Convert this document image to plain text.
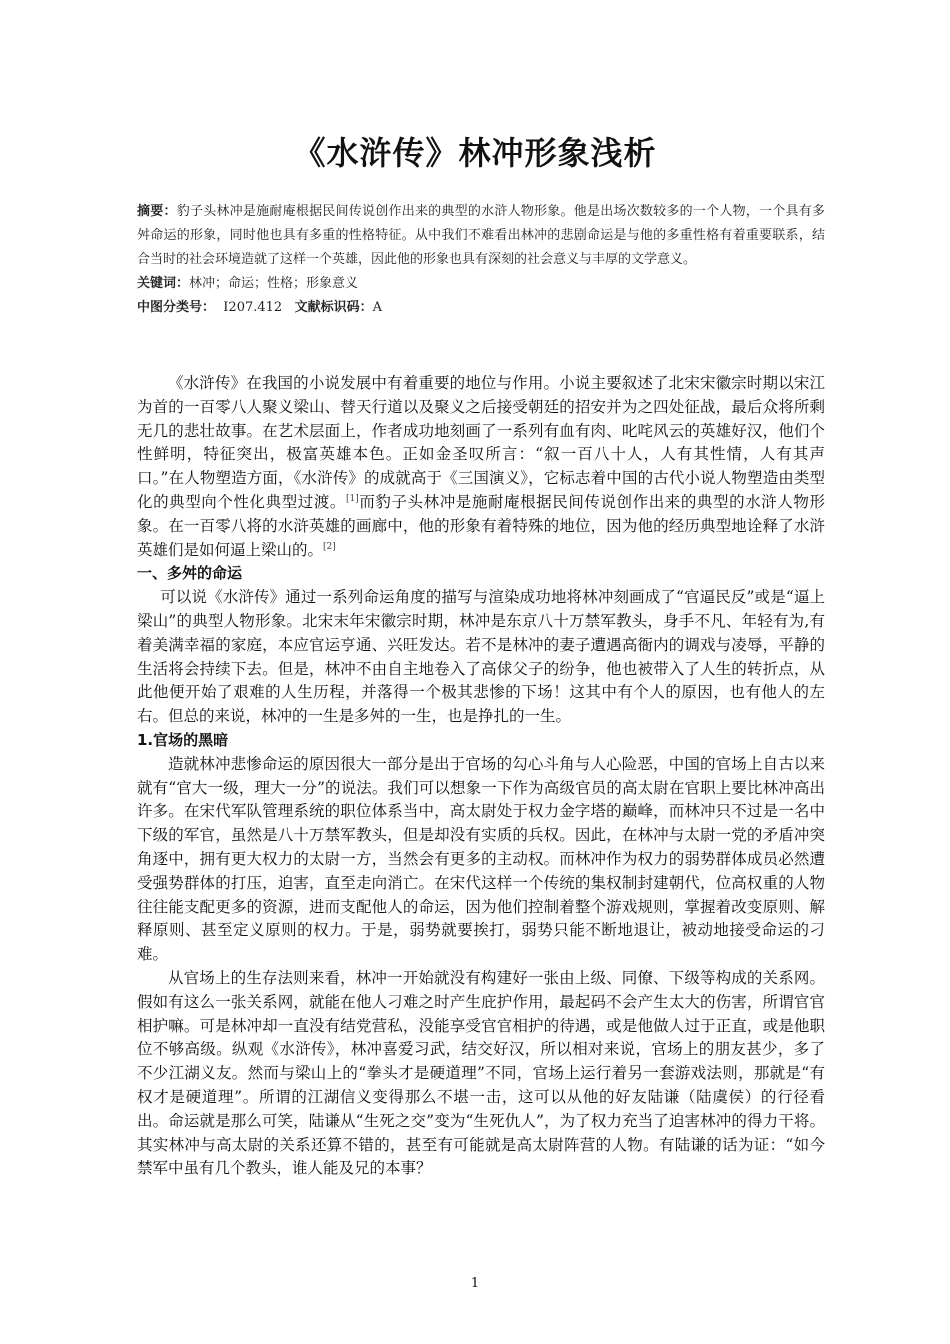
《水浒传》林冲形象浅析

摘要：豹子头林冲是施耐庵根据民间传说创作出来的典型的水浒人物形象。他是出场次数较多的一个人物，一个具有多舛命运的形象，同时他也具有多重的性格特征。从中我们不难看出林冲的悲剧命运是与他的多重性格有着重要联系，结合当时的社会环境造就了这样一个英雄，因此他的形象也具有深刻的社会意义与丰厚的文学意义。

关键词：林冲；命运；性格；形象意义

中图分类号： I207.412 文献标识码：A

《水浒传》在我国的小说发展中有着重要的地位与作用。小说主要叙述了北宋宋徽宗时期以宋江为首的一百零八人聚义梁山、替天行道以及聚义之后接受朝廷的招安并为之四处征战，最后众将所剩无几的悲壮故事。在艺术层面上，作者成功地刻画了一系列有血有肉、叱咤风云的英雄好汉，他们个性鲜明，特征突出，极富英雄本色。正如金圣叹所言：“叙一百八十人，人有其性情，人有其声口。”在人物塑造方面，《水浒传》的成就高于《三国演义》，它标志着中国的古代小说人物塑造由类型化的典型向个性化典型过渡。[1]而豹子头林冲是施耐庵根据民间传说创作出来的典型的水浒人物形象。在一百零八将的水浒英雄的画廊中，他的形象有着特殊的地位，因为他的经历典型地诠释了水浒英雄们是如何逼上梁山的。[2]

一、多舛的命运

可以说《水浒传》通过一系列命运角度的描写与渲染成功地将林冲刻画成了“官逼民反”或是“逼上梁山”的典型人物形象。北宋末年宋徽宗时期，林冲是东京八十万禁军教头，身手不凡、年轻有为,有着美满幸福的家庭，本应官运亨通、兴旺发达。若不是林冲的妻子遭遇高衙内的调戏与凌辱，平静的生活将会持续下去。但是，林冲不由自主地卷入了高俅父子的纷争，他也被带入了人生的转折点，从此他便开始了艰难的人生历程，并落得一个极其悲惨的下场！这其中有个人的原因，也有他人的左右。但总的来说，林冲的一生是多舛的一生，也是挣扎的一生。

1.官场的黑暗

造就林冲悲惨命运的原因很大一部分是出于官场的勾心斗角与人心险恶，中国的官场上自古以来就有“官大一级，理大一分”的说法。我们可以想象一下作为高级官员的高太尉在官职上要比林冲高出许多。在宋代军队管理系统的职位体系当中，高太尉处于权力金字塔的巅峰，而林冲只不过是一名中下级的军官，虽然是八十万禁军教头，但是却没有实质的兵权。因此，在林冲与太尉一党的矛盾冲突角逐中，拥有更大权力的太尉一方，当然会有更多的主动权。而林冲作为权力的弱势群体成员必然遭受强势群体的打压，迫害，直至走向消亡。在宋代这样一个传统的集权制封建朝代，位高权重的人物往往能支配更多的资源，进而支配他人的命运，因为他们控制着整个游戏规则，掌握着改变原则、解释原则、甚至定义原则的权力。于是，弱势就要挨打，弱势只能不断地退让，被动地接受命运的刁难。

从官场上的生存法则来看，林冲一开始就没有构建好一张由上级、同僚、下级等构成的关系网。假如有这么一张关系网，就能在他人刁难之时产生庇护作用，最起码不会产生太大的伤害，所谓官官相护嘛。可是林冲却一直没有结党营私，没能享受官官相护的待遇，或是他做人过于正直，或是他职位不够高级。纵观《水浒传》，林冲喜爱习武，结交好汉，所以相对来说，官场上的朋友甚少，多了不少江湖义友。然而与梁山上的“拳头才是硬道理”不同，官场上运行着另一套游戏法则，那就是“有权才是硬道理”。所谓的江湖信义变得那么不堪一击，这可以从他的好友陆谦（陆虞侯）的行径看出。命运就是那么可笑，陆谦从“生死之交”变为“生死仇人”，为了权力充当了迫害林冲的得力干将。其实林冲与高太尉的关系还算不错的，甚至有可能就是高太尉阵营的人物。有陆谦的话为证：“如今禁军中虽有几个教头，谁人能及兄的本事？

1
